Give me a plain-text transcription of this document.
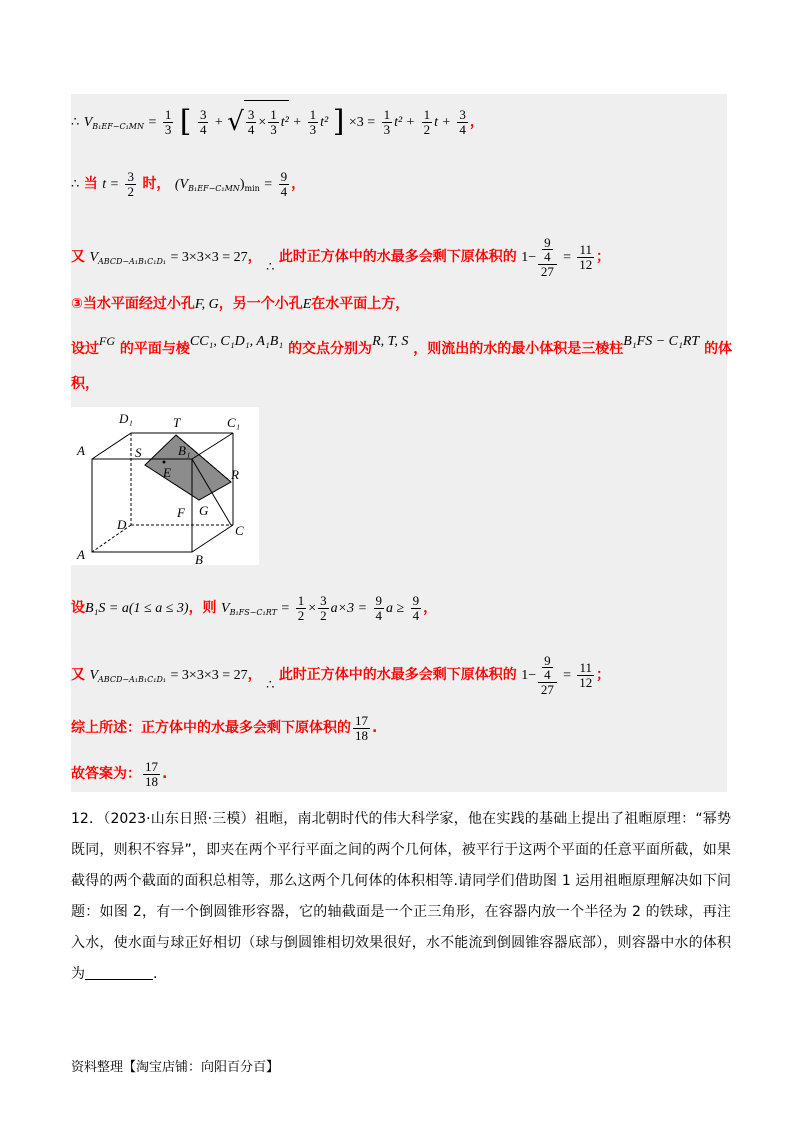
∴ $V_{B_1EF-C_1MN} = \frac{1}{3}$ [ $\frac{3}{4}$ + √ $\frac{3}{4} \times \frac{1}{3} t^2 + \frac{1}{3} t^2$ ] $\times 3 = \frac{1}{3} t^2 + \frac{1}{2}$ $t + \frac{3}{4}$ ，
∴ 当 $t = \frac{3}{2}$ 时， $(V_{B_1EF-C_1MN})_{min} = \frac{9}{4}$ ，
又 $V_{ABCD-A_1B_1C_1D_1} = 3\times 3\times 3 = 27$， ∴ 此时正方体中的水最多会剩下原体积的 $1- \frac{\frac{9}{4}}{27} = \frac{11}{12}$ ；
③当水平面经过小孔F, G，另一个小孔E在水平面上方，
设过FG 的平面与棱CC₁, C₁D₁, A₁B₁ 的交点分别为R, T, S ，则流出的水的最小体积是三棱柱B₁FS − C₁RT 的体
积，
D₁	T	C₁
A	S	B₁
E	R
G
F
D	C
A	B
设B₁S = a(1 ≤ a ≤ 3)，则 $V_{B_1FS-C_1RT} = \frac{1}{2} \times \frac{3}{2} a\times 3 = \frac{9}{4}$ $a \ge \frac{9}{4}$ ，
又 $V_{ABCD-A_1B_1C_1D_1} = 3\times 3\times 3 = 27$， ∴ 此时正方体中的水最多会剩下原体积的 $1- \frac{\frac{9}{4}}{27} = \frac{11}{12}$ ；
综上所述：正方体中的水最多会剩下原体积的 $\frac{17}{18}$ .
故答案为： $\frac{17}{18}$ .
12．（2023·山东日照·三模）祖暅，南北朝时代的伟大科学家，他在实践的基础上提出了祖暅原理：“幂势既同，则积不容异”，即夹在两个平行平面之间的两个几何体，被平行于这两个平面的任意平面所截，如果截得的两个截面的面积总相等，那么这两个几何体的体积相等.请同学们借助图 1 运用祖暅原理解决如下问题：如图 2，有一个倒圆锥形容器，它的轴截面是一个正三角形，在容器内放一个半径为 2 的铁球，再注入水，使水面与球正好相切（球与倒圆锥相切效果很好，水不能流到倒圆锥容器底部），则容器中水的体积为	.
资料整理【淘宝店铺：向阳百分百】
